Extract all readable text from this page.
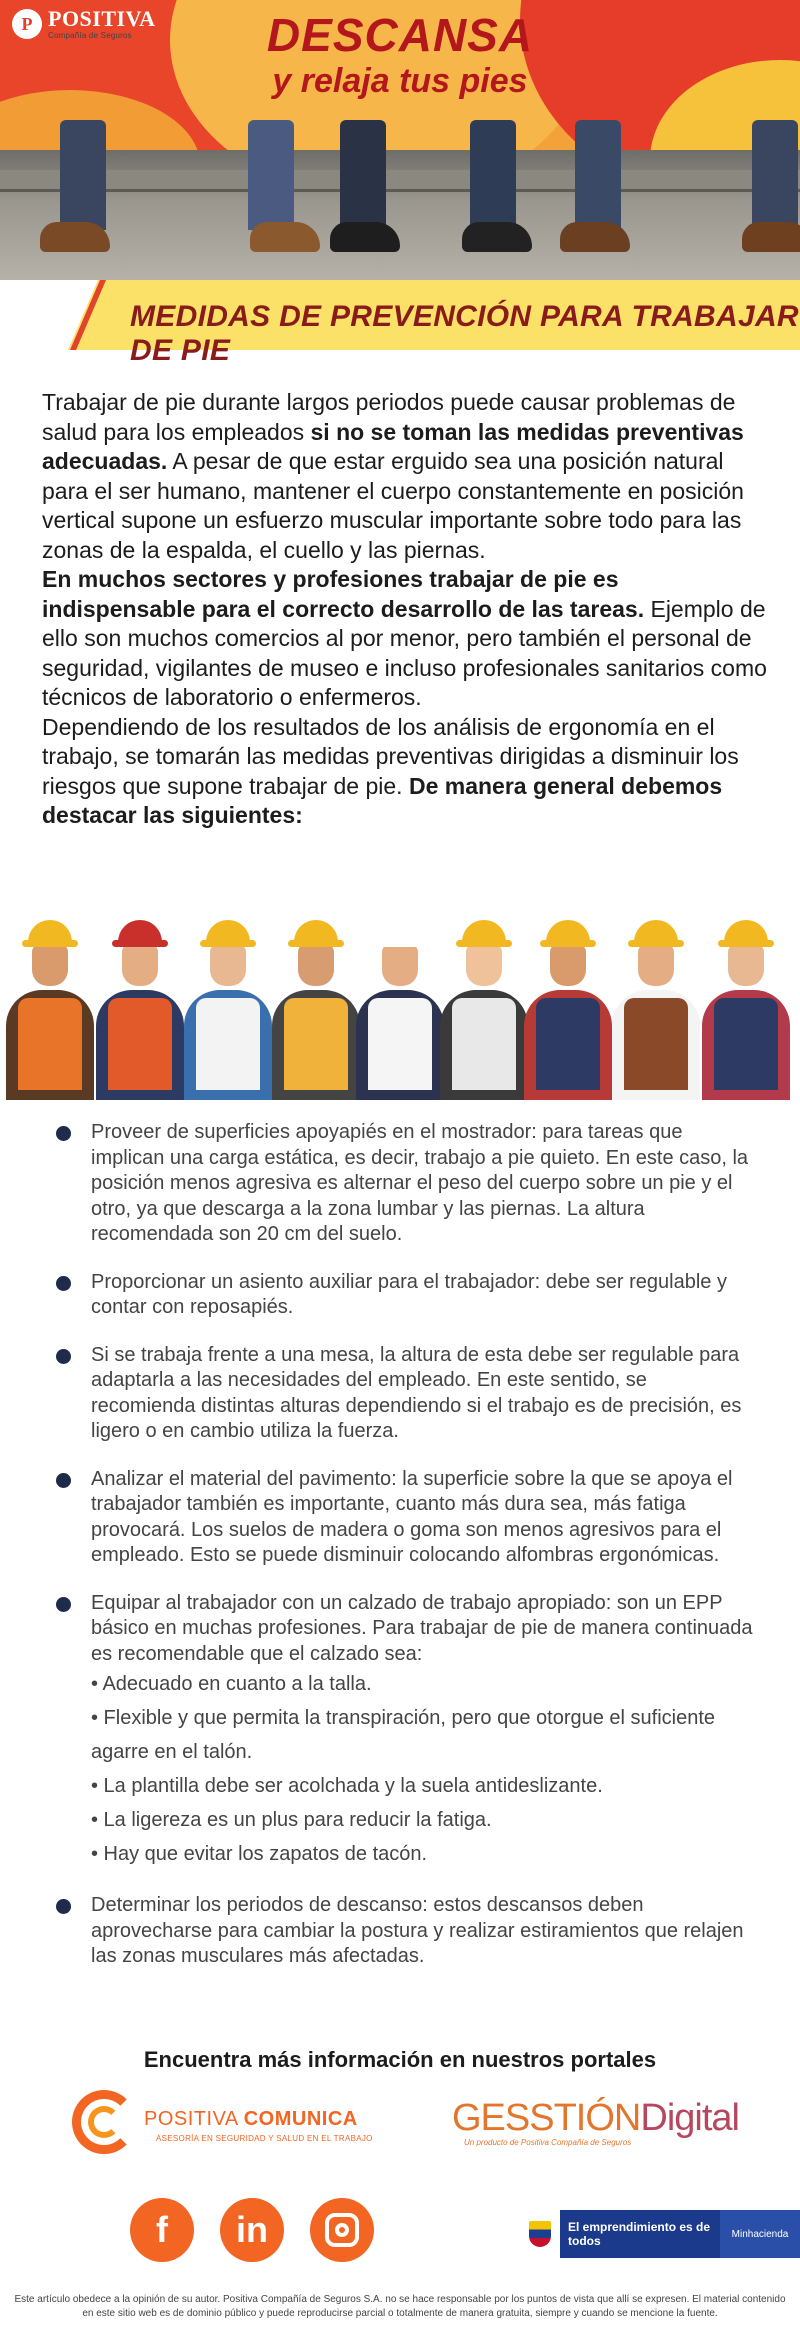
P POSITIVA
Compañía de Seguros	DESCANSA
y relaja tus pies
MEDIDAS DE PREVENCIÓN PARA TRABAJAR DE PIE

Trabajar de pie durante largos periodos puede causar problemas de salud para los empleados si no se toman las medidas preventivas adecuadas. A pesar de que estar erguido sea una posición natural para el ser humano, mantener el cuerpo constantemente en posición vertical supone un esfuerzo muscular importante sobre todo para las zonas de la espalda, el cuello y las piernas.

En muchos sectores y profesiones trabajar de pie es indispensable para el correcto desarrollo de las tareas. Ejemplo de ello son muchos comercios al por menor, pero también el personal de seguridad, vigilantes de museo e incluso profesionales sanitarios como técnicos de laboratorio o enfermeros.

Dependiendo de los resultados de los análisis de ergonomía en el trabajo, se tomarán las medidas preventivas dirigidas a disminuir los riesgos que supone trabajar de pie. De manera general debemos destacar las siguientes:

Proveer de superficies apoyapiés en el mostrador: para tareas que implican una carga estática, es decir, trabajo a pie quieto. En este caso, la posición menos agresiva es alternar el peso del cuerpo sobre un pie y el otro, ya que descarga a la zona lumbar y las piernas. La altura recomendada son 20 cm del suelo.
Proporcionar un asiento auxiliar para el trabajador: debe ser regulable y contar con reposapiés.
Si se trabaja frente a una mesa, la altura de esta debe ser regulable para adaptarla a las necesidades del empleado. En este sentido, se recomienda distintas alturas dependiendo si el trabajo es de precisión, es ligero o en cambio utiliza la fuerza.
Analizar el material del pavimento: la superficie sobre la que se apoya el trabajador también es importante, cuanto más dura sea, más fatiga provocará. Los suelos de madera o goma son menos agresivos para el empleado. Esto se puede disminuir colocando alfombras ergonómicas.
Equipar al trabajador con un calzado de trabajo apropiado: son un EPP básico en muchas profesiones. Para trabajar de pie de manera continuada es recomendable que el calzado sea:
• Adecuado en cuanto a la talla.
• Flexible y que permita la transpiración, pero que otorgue el suficiente agarre en el talón.
• La plantilla debe ser acolchada y la suela antideslizante.
• La ligereza es un plus para reducir la fatiga.
• Hay que evitar los zapatos de tacón.
Determinar los periodos de descanso: estos descansos deben aprovecharse para cambiar la postura y realizar estiramientos que relajen las zonas musculares más afectadas.
Encuentra más información en nuestros portales
POSITIVA COMUNICA
ASESORÍA EN SEGURIDAD Y SALUD EN EL TRABAJO GESSTIÓNDigital
Un producto de Positiva Compañía de Seguros
f in	El emprendimiento es de todos	Minhacienda
Este artículo obedece a la opinión de su autor. Positiva Compañía de Seguros S.A. no se hace responsable por los puntos de vista que allí se expresen. El material contenido en este sitio web es de dominio público y puede reproducirse parcial o totalmente de manera gratuita, siempre y cuando se mencione la fuente.
